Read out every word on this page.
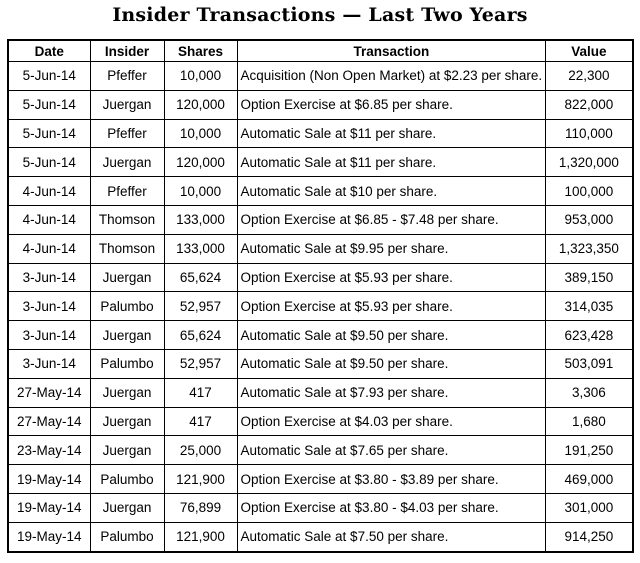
Insider Transactions — Last Two Years
Date	Insider	Shares	Transaction	Value
5-Jun-14	Pfeffer	10,000	Acquisition (Non Open Market) at $2.23 per share.	22,300
5-Jun-14	Juergan	120,000	Option Exercise at $6.85 per share.	822,000
5-Jun-14	Pfeffer	10,000	Automatic Sale at $11 per share.	110,000
5-Jun-14	Juergan	120,000	Automatic Sale at $11 per share.	1,320,000
4-Jun-14	Pfeffer	10,000	Automatic Sale at $10 per share.	100,000
4-Jun-14	Thomson	133,000	Option Exercise at $6.85 - $7.48 per share.	953,000
4-Jun-14	Thomson	133,000	Automatic Sale at $9.95 per share.	1,323,350
3-Jun-14	Juergan	65,624	Option Exercise at $5.93 per share.	389,150
3-Jun-14	Palumbo	52,957	Option Exercise at $5.93 per share.	314,035
3-Jun-14	Juergan	65,624	Automatic Sale at $9.50 per share.	623,428
3-Jun-14	Palumbo	52,957	Automatic Sale at $9.50 per share.	503,091
27-May-14	Juergan	417	Automatic Sale at $7.93 per share.	3,306
27-May-14	Juergan	417	Option Exercise at $4.03 per share.	1,680
23-May-14	Juergan	25,000	Automatic Sale at $7.65 per share.	191,250
19-May-14	Palumbo	121,900	Option Exercise at $3.80 - $3.89 per share.	469,000
19-May-14	Juergan	76,899	Option Exercise at $3.80 - $4.03 per share.	301,000
19-May-14	Palumbo	121,900	Automatic Sale at $7.50 per share.	914,250
